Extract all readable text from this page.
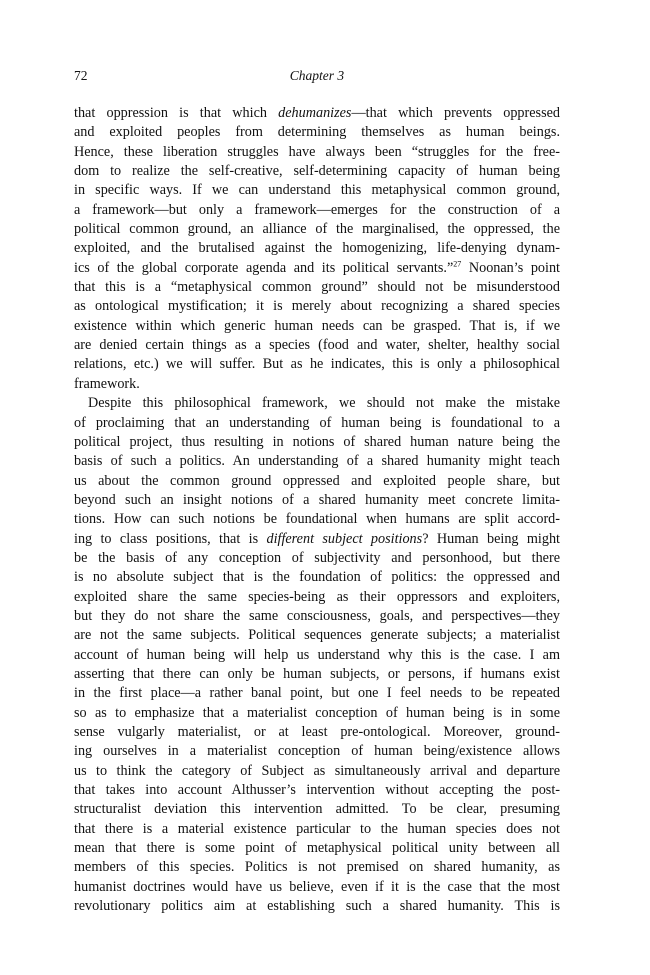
72	Chapter 3
that oppression is that which dehumanizes—that which prevents oppressed
and exploited peoples from determining themselves as human beings.
Hence, these liberation struggles have always been “struggles for the free-
dom to realize the self-creative, self-determining capacity of human being
in specific ways. If we can understand this metaphysical common ground,
a framework—but only a framework—emerges for the construction of a
political common ground, an alliance of the marginalised, the oppressed, the
exploited, and the brutalised against the homogenizing, life-denying dynam-
ics of the global corporate agenda and its political servants.”$^{27}$ Noonan’s point
that this is a “metaphysical common ground” should not be misunderstood
as ontological mystification; it is merely about recognizing a shared species
existence within which generic human needs can be grasped. That is, if we
are denied certain things as a species (food and water, shelter, healthy social
relations, etc.) we will suffer. But as he indicates, this is only a philosophical
framework.
Despite this philosophical framework, we should not make the mistake
of proclaiming that an understanding of human being is foundational to a
political project, thus resulting in notions of shared human nature being the
basis of such a politics. An understanding of a shared humanity might teach
us about the common ground oppressed and exploited people share, but
beyond such an insight notions of a shared humanity meet concrete limita-
tions. How can such notions be foundational when humans are split accord-
ing to class positions, that is different subject positions? Human being might
be the basis of any conception of subjectivity and personhood, but there
is no absolute subject that is the foundation of politics: the oppressed and
exploited share the same species-being as their oppressors and exploiters,
but they do not share the same consciousness, goals, and perspectives—they
are not the same subjects. Political sequences generate subjects; a materialist
account of human being will help us understand why this is the case. I am
asserting that there can only be human subjects, or persons, if humans exist
in the first place—a rather banal point, but one I feel needs to be repeated
so as to emphasize that a materialist conception of human being is in some
sense vulgarly materialist, or at least pre-ontological. Moreover, ground-
ing ourselves in a materialist conception of human being/existence allows
us to think the category of Subject as simultaneously arrival and departure
that takes into account Althusser’s intervention without accepting the post-
structuralist deviation this intervention admitted. To be clear, presuming
that there is a material existence particular to the human species does not
mean that there is some point of metaphysical political unity between all
members of this species. Politics is not premised on shared humanity, as
humanist doctrines would have us believe, even if it is the case that the most
revolutionary politics aim at establishing such a shared humanity. This is
